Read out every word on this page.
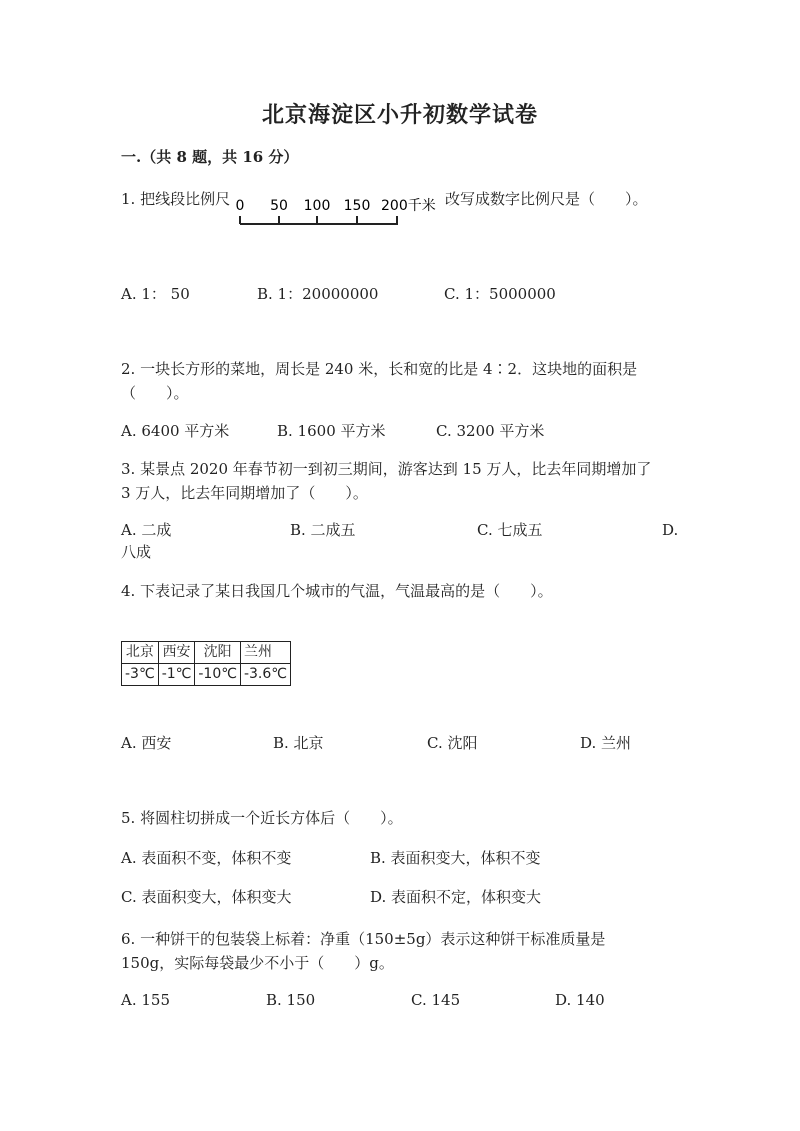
北京海淀区小升初数学试卷
一.（共 8 题，共 16 分）
1. 把线段比例尺 0 50 100 150 200千米 改写成数字比例尺是（　　）。
A. 1： 50	B. 1：20000000	C. 1：5000000
2. 一块长方形的菜地，周长是 240 米，长和宽的比是 4∶2．这块地的面积是
（　　）。
A. 6400 平方米	B. 1600 平方米	C. 3200 平方米
3. 某景点 2020 年春节初一到初三期间，游客达到 15 万人，比去年同期增加了
3 万人，比去年同期增加了（　　）。
A. 二成	B. 二成五	C. 七成五	D.
八成
4. 下表记录了某日我国几个城市的气温，气温最高的是（　　）。
北京	西安	沈阳	兰州
-3℃	-1℃	-10℃	-3.6℃
A. 西安	B. 北京	C. 沈阳	D. 兰州
5. 将圆柱切拼成一个近长方体后（　　）。
A. 表面积不变，体积不变	B. 表面积变大，体积不变
C. 表面积变大，体积变大	D. 表面积不定，体积变大
6. 一种饼干的包装袋上标着：净重（150±5g）表示这种饼干标准质量是
150g，实际每袋最少不小于（　　）g。
A. 155	B. 150	C. 145	D. 140
